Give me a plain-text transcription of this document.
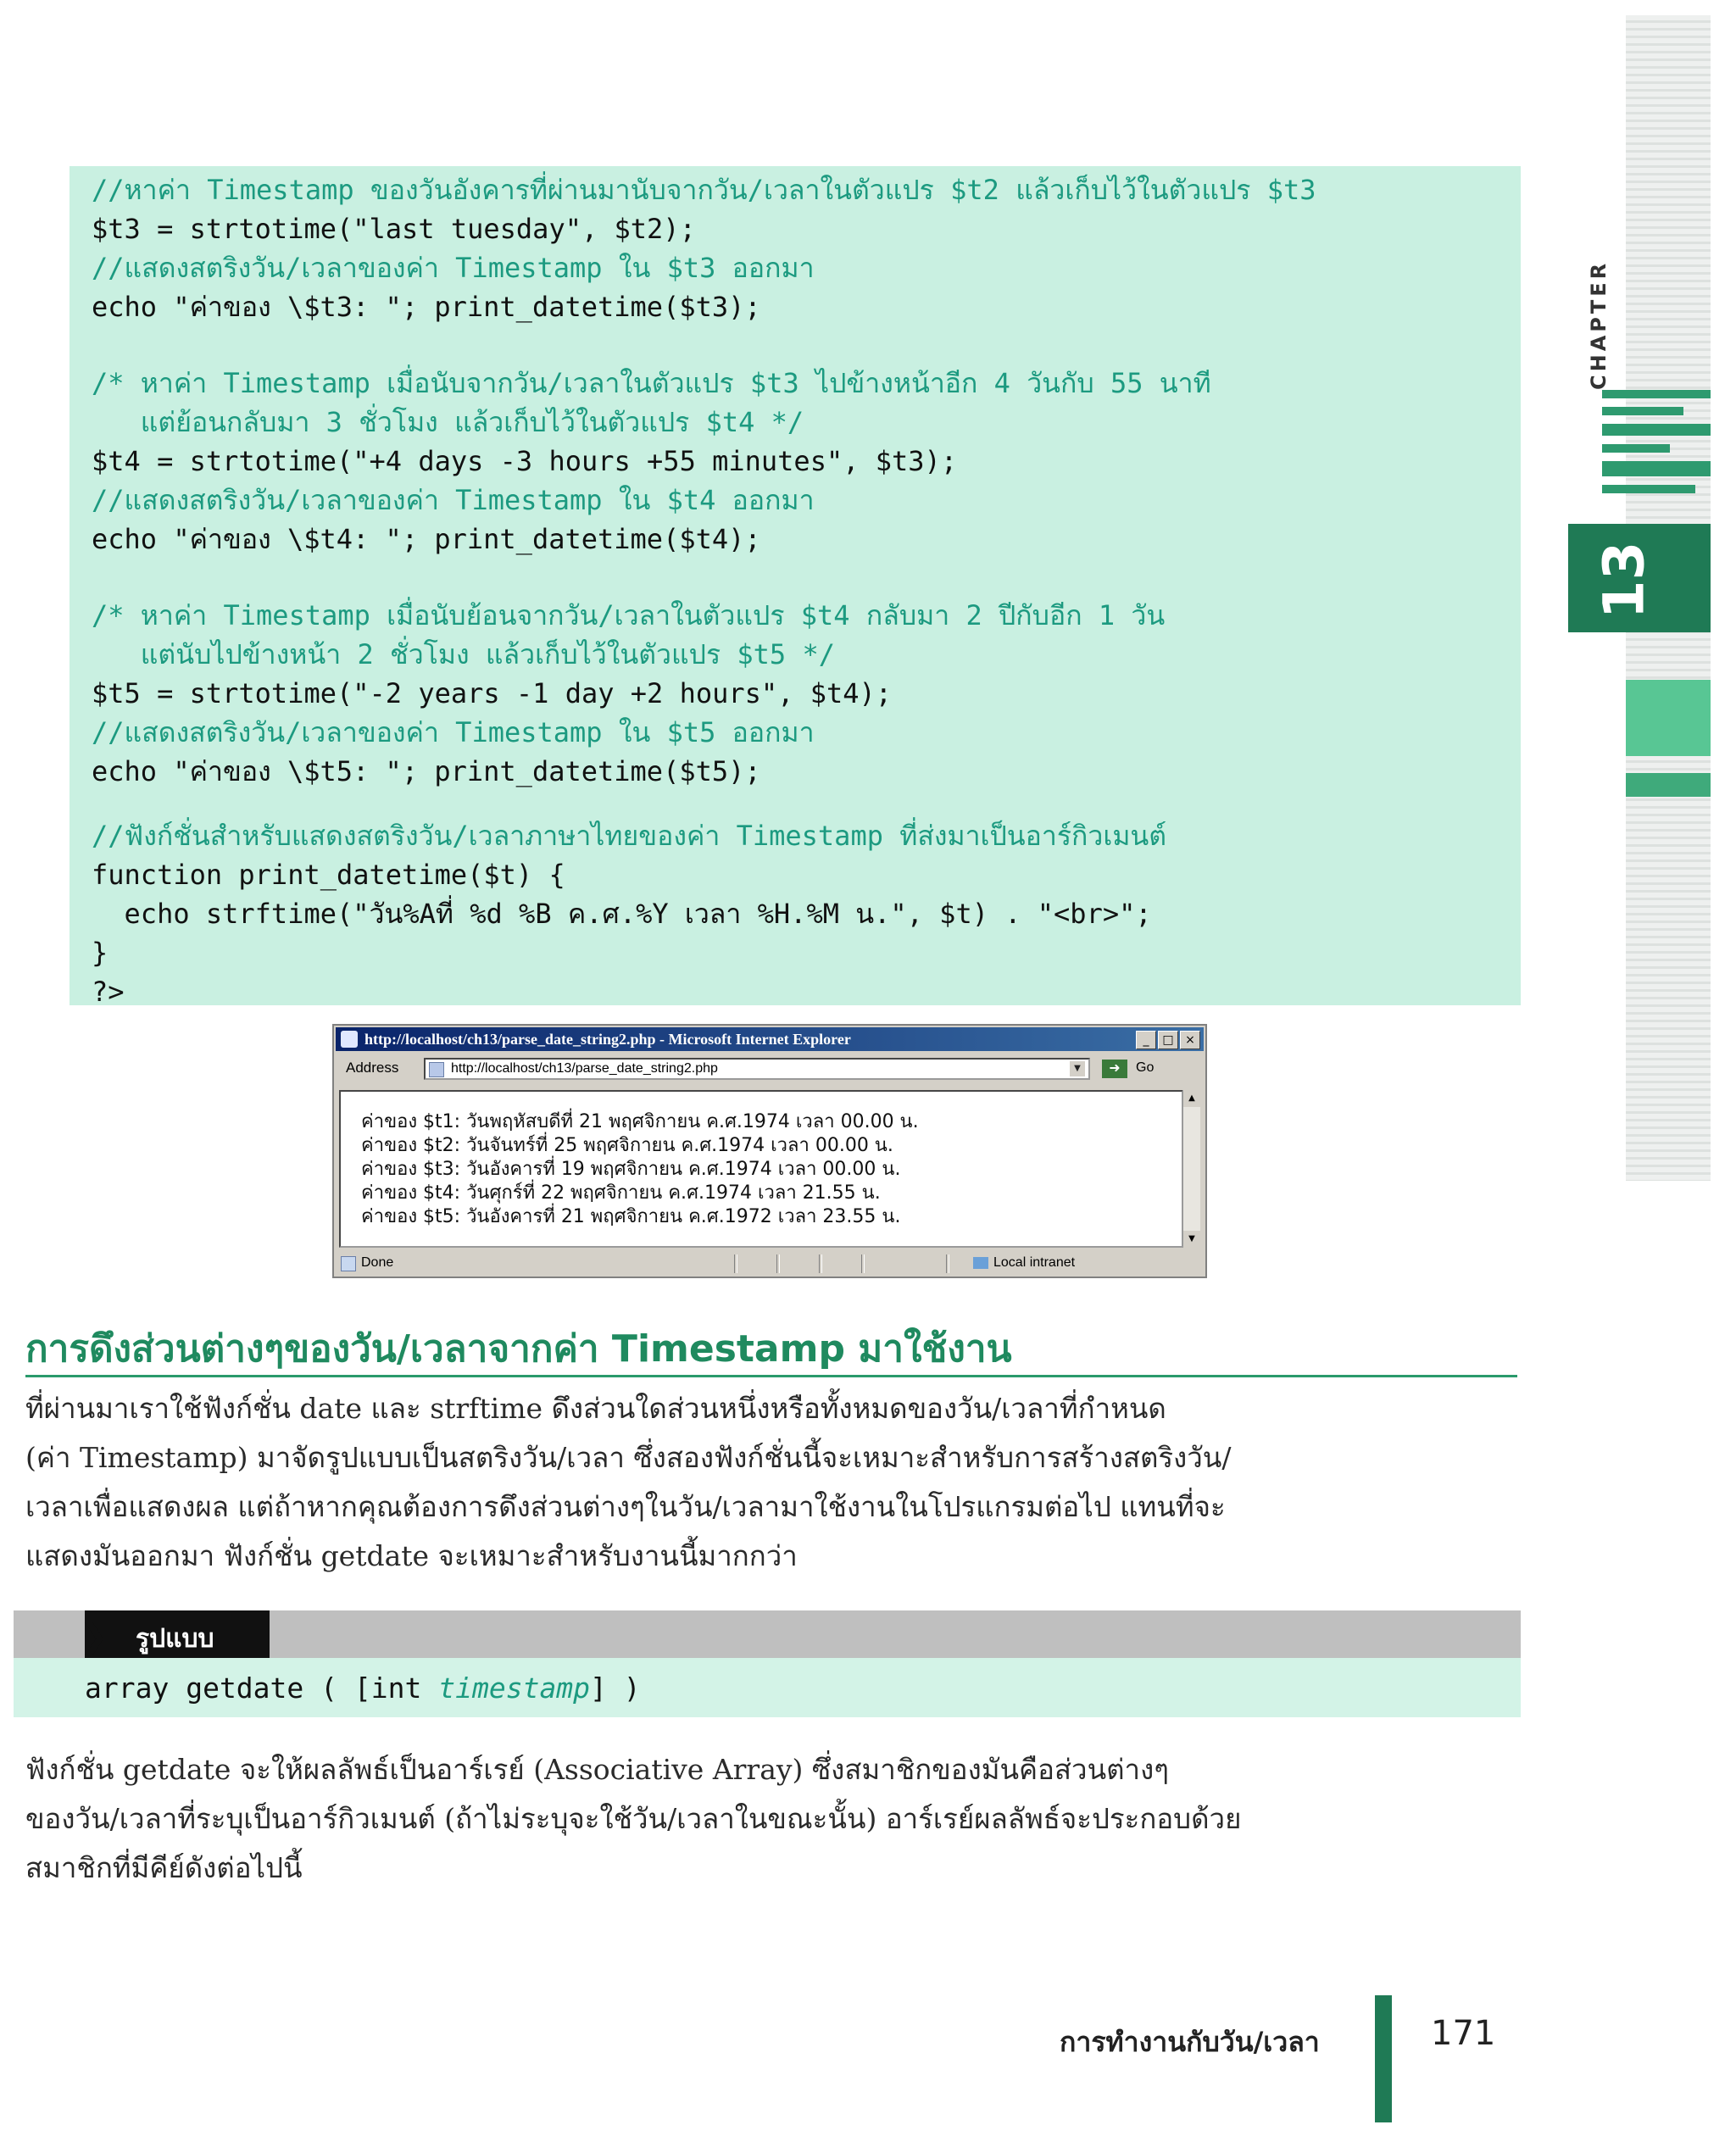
CHAPTER
13
//หาค่า Timestamp ของวันอังคารที่ผ่านมานับจากวัน/เวลาในตัวแปร $t2 แล้วเก็บไว้ในตัวแปร $t3
$t3 = strtotime("last tuesday", $t2);
//แสดงสตริงวัน/เวลาของค่า Timestamp ใน $t3 ออกมา
echo "ค่าของ \$t3: "; print_datetime($t3);
/* หาค่า Timestamp เมื่อนับจากวัน/เวลาในตัวแปร $t3 ไปข้างหน้าอีก 4 วันกับ 55 นาที
แต่ย้อนกลับมา 3 ชั่วโมง แล้วเก็บไว้ในตัวแปร $t4 */
$t4 = strtotime("+4 days -3 hours +55 minutes", $t3);
//แสดงสตริงวัน/เวลาของค่า Timestamp ใน $t4 ออกมา
echo "ค่าของ \$t4: "; print_datetime($t4);
/* หาค่า Timestamp เมื่อนับย้อนจากวัน/เวลาในตัวแปร $t4 กลับมา 2 ปีกับอีก 1 วัน
แต่นับไปข้างหน้า 2 ชั่วโมง แล้วเก็บไว้ในตัวแปร $t5 */
$t5 = strtotime("-2 years -1 day +2 hours", $t4);
//แสดงสตริงวัน/เวลาของค่า Timestamp ใน $t5 ออกมา
echo "ค่าของ \$t5: "; print_datetime($t5);
//ฟังก์ชั่นสำหรับแสดงสตริงวัน/เวลาภาษาไทยของค่า Timestamp ที่ส่งมาเป็นอาร์กิวเมนต์
function print_datetime($t) {
echo strftime("วัน%Aที่ %d %B ค.ศ.%Y เวลา %H.%M น.", $t) . "<br>";
}
?>
http://localhost/ch13/parse_date_string2.php - Microsoft Internet Explorer	_	□ ×
Address	http://localhost/ch13/parse_date_string2.php	▼	➜	Go
ค่าของ $t1: วันพฤหัสบดีที่ 21 พฤศจิกายน ค.ศ.1974 เวลา 00.00 น.
ค่าของ $t2: วันจันทร์ที่ 25 พฤศจิกายน ค.ศ.1974 เวลา 00.00 น.
ค่าของ $t3: วันอังคารที่ 19 พฤศจิกายน ค.ศ.1974 เวลา 00.00 น.
ค่าของ $t4: วันศุกร์ที่ 22 พฤศจิกายน ค.ศ.1974 เวลา 21.55 น.
ค่าของ $t5: วันอังคารที่ 21 พฤศจิกายน ค.ศ.1972 เวลา 23.55 น.
▲
▼
Done	Local intranet
การดึงส่วนต่างๆของวัน/เวลาจากค่า Timestamp มาใช้งาน
ที่ผ่านมาเราใช้ฟังก์ชั่น date และ strftime ดึงส่วนใดส่วนหนึ่งหรือทั้งหมดของวัน/เวลาที่กำหนด
(ค่า Timestamp) มาจัดรูปแบบเป็นสตริงวัน/เวลา ซึ่งสองฟังก์ชั่นนี้จะเหมาะสำหรับการสร้างสตริงวัน/
เวลาเพื่อแสดงผล แต่ถ้าหากคุณต้องการดึงส่วนต่างๆในวัน/เวลามาใช้งานในโปรแกรมต่อไป แทนที่จะ
แสดงมันออกมา ฟังก์ชั่น getdate จะเหมาะสำหรับงานนี้มากกว่า
❯ รูปแบบ
array getdate ( [int timestamp] )
ฟังก์ชั่น getdate จะให้ผลลัพธ์เป็นอาร์เรย์ (Associative Array) ซึ่งสมาชิกของมันคือส่วนต่างๆ
ของวัน/เวลาที่ระบุเป็นอาร์กิวเมนต์ (ถ้าไม่ระบุจะใช้วัน/เวลาในขณะนั้น) อาร์เรย์ผลลัพธ์จะประกอบด้วย
สมาชิกที่มีคีย์ดังต่อไปนี้
การทำงานกับวัน/เวลา	171
